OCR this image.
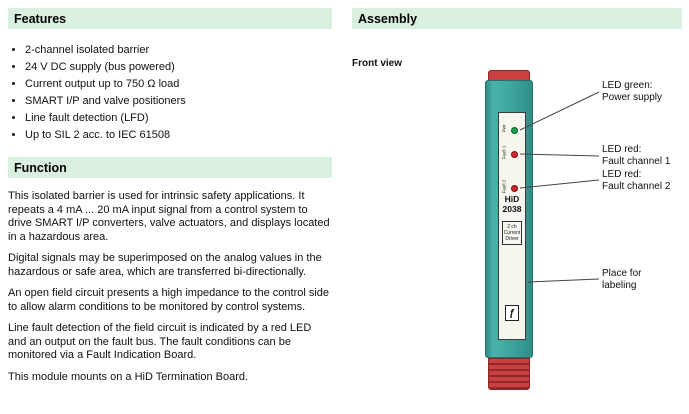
Features
• 2-channel isolated barrier
• 24 V DC supply (bus powered)
• Current output up to 750 Ω load
• SMART I/P and valve positioners
• Line fault detection (LFD)
• Up to SIL 2 acc. to IEC 61508
Function

This isolated barrier is used for intrinsic safety applications. It repeats a 4 mA ... 20 mA input signal from a control system to drive SMART I/P converters, valve actuators, and displays located in a hazardous area.

Digital signals may be superimposed on the analog values in the hazardous or safe area, which are transferred bi-directionally.

An open field circuit presents a high impedance to the control side to allow alarm conditions to be monitored by control systems.

Line fault detection of the field circuit is indicated by a red LED and an output on the fault bus. The fault conditions can be monitored via a Fault Indication Board.

This module mounts on a HiD Termination Board.

Assembly
Front view
Pwr
Fault 1
Fault 2
HiD
2038
2 ch
Current
Driver
ƒ
LED green:
Power supply
LED red:
Fault channel 1
LED red:
Fault channel 2
Place for
labeling
